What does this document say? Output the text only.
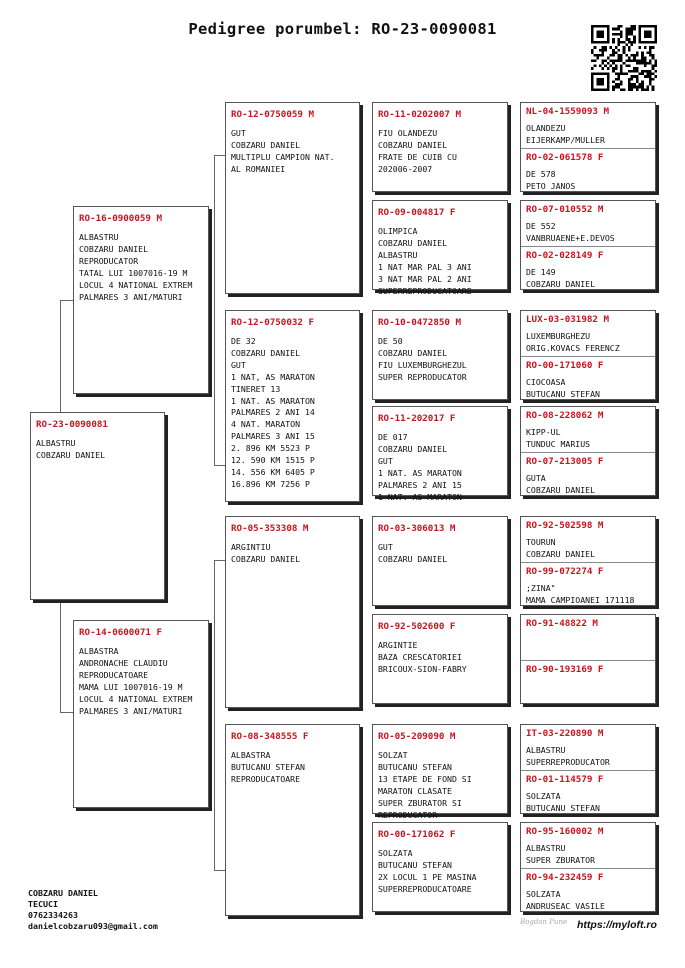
Pedigree porumbel: RO-23-0090081
RO-23-0090081
ALBASTRU
COBZARU DANIEL
RO-16-0900059 M
ALBASTRU
COBZARU DANIEL
REPRODUCATOR
TATAL LUI 1007016-19 M
LOCUL 4 NATIONAL EXTREM
PALMARES 3 ANI/MATURI
RO-14-0600071 F
ALBASTRA
ANDRONACHE CLAUDIU
REPRODUCATOARE
MAMA LUI 1007016-19 M
LOCUL 4 NATIONAL EXTREM
PALMARES 3 ANI/MATURI
RO-12-0750059 M
GUT
COBZARU DANIEL
MULTIPLU CAMPION NAT.
AL ROMANIEI
RO-12-0750032 F
DE 32
COBZARU DANIEL
GUT
1 NAT, AS MARATON
TINERET 13
1 NAT. AS MARATON
PALMARES 2 ANI 14
4 NAT. MARATON
PALMARES 3 ANI 15
2. 896 KM 5523 P
12. 590 KM 1515 P
14. 556 KM 6405 P
16.896 KM 7256 P
RO-05-353308 M
ARGINTIU
COBZARU DANIEL
RO-08-348555 F
ALBASTRA
BUTUCANU STEFAN
REPRODUCATOARE
RO-11-0202007 M
FIU OLANDEZU
COBZARU DANIEL
FRATE DE CUIB CU
202006-2007
RO-09-004817 F
OLIMPICA
COBZARU DANIEL
ALBASTRU
1 NAT MAR PAL 3 ANI
3 NAT MAR PAL 2 ANI
SUPERREPRODUCATOARE
RO-10-0472850 M
DE 50
COBZARU DANIEL
FIU LUXEMBURGHEZUL
SUPER REPRODUCATOR
RO-11-202017 F
DE 017
COBZARU DANIEL
GUT
1 NAT. AS MARATON
PALMARES 2 ANI 15
1 NAT. AS MARATON
RO-03-306013 M
GUT
COBZARU DANIEL
RO-92-502600 F
ARGINTIE
BAZA CRESCATORIEI
BRICOUX-SION-FABRY
RO-05-209090 M
SOLZAT
BUTUCANU STEFAN
13 ETAPE DE FOND SI
MARATON CLASATE
SUPER ZBURATOR SI
REPRODUCATOR
RO-00-171062 F
SOLZATA
BUTUCANU STEFAN
2X LOCUL 1 PE MASINA
SUPERREPRODUCATOARE
NL-04-1559093 M
OLANDEZU
EIJERKAMP/MULLER
RO-02-061578 F
DE 578
PETO JANOS
RO-07-010552 M
DE 552
VANBRUAENE+E.DEVOS
RO-02-028149 F
DE 149
COBZARU DANIEL
LUX-03-031982 M
LUXEMBURGHEZU
ORIG.KOVACS FERENCZ
RO-00-171060 F
CIOCOASA
BUTUCANU STEFAN
RO-08-228062 M
KIPP-UL
TUNDUC MARIUS
RO-07-213005 F
GUTA
COBZARU DANIEL
RO-92-502598 M
TOURUN
COBZARU DANIEL
RO-99-072274 F
;ZINA"
MAMA CAMPIOANEI 171118
RO-91-48822 M
RO-90-193169 F
IT-03-220890 M
ALBASTRU
SUPERREPRODUCATOR
RO-01-114579 F
SOLZATA
BUTUCANU STEFAN
RO-95-160002 M
ALBASTRU
SUPER ZBURATOR
RO-94-232459 F
SOLZATA
ANDRUSEAC VASILE
COBZARU DANIEL
TECUCI
0762334263
danielcobzaru093@gmail.com	Bogdan Pune https://myloft.ro
